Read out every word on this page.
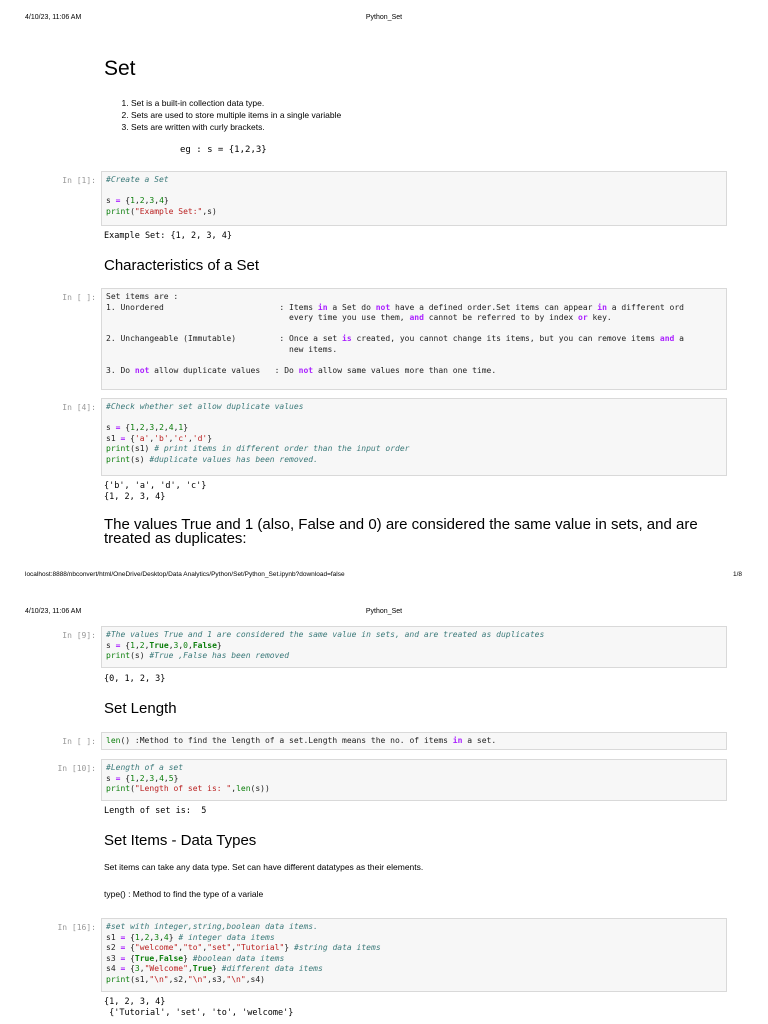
4/10/23, 11:06 AM	Python_Set
Set
1. Set is a built-in collection data type.
2. Sets are used to store multiple items in a single variable
3. Sets are written with curly brackets.
eg : s = {1,2,3}
In [1]:	#Create a Set

s = {1,2,3,4}
print("Example Set:",s)
Example Set: {1, 2, 3, 4}
Characteristics of a Set
In [ ]:	Set items are :
1. Unordered                        : Items in a Set do not have a defined order.Set items can appear in a different ord
every time you use them, and cannot be referred to by index or key.

2. Unchangeable (Immutable)         : Once a set is created, you cannot change its items, but you can remove items and a
new items.

3. Do not allow duplicate values   : Do not allow same values more than one time.
In [4]:	#Check whether set allow duplicate values

s = {1,2,3,2,4,1}
s1 = {'a','b','c','d'}
print(s1) # print items in different order than the input order
print(s) #duplicate values has been removed.
{'b', 'a', 'd', 'c'}
{1, 2, 3, 4}
The values True and 1 (also, False and 0) are considered the same value in sets, and are treated as duplicates:
localhost:8888/nbconvert/html/OneDrive/Desktop/Data Analytics/Python/Set/Python_Set.ipynb?download=false	1/8
4/10/23, 11:06 AM	Python_Set
In [9]:	#The values True and 1 are considered the same value in sets, and are treated as duplicates
s = {1,2,True,3,0,False}
print(s) #True ,False has been removed
{0, 1, 2, 3}
Set Length
In [ ]:	len() :Method to find the length of a set.Length means the no. of items in a set.
In [10]:	#Length of a set
s = {1,2,3,4,5}
print("Length of set is: ",len(s))
Length of set is:  5
Set Items - Data Types
Set items can take any data type. Set can have different datatypes as their elements.
type() : Method to find the type of a variale
In [16]:	#set with integer,string,boolean data items.
s1 = {1,2,3,4} # integer data items
s2 = {"welcome","to","set","Tutorial"} #string data items
s3 = {True,False} #boolean data items
s4 = {3,"Welcome",True} #different data items
print(s1,"\n",s2,"\n",s3,"\n",s4)
{1, 2, 3, 4}
{'Tutorial', 'set', 'to', 'welcome'}
